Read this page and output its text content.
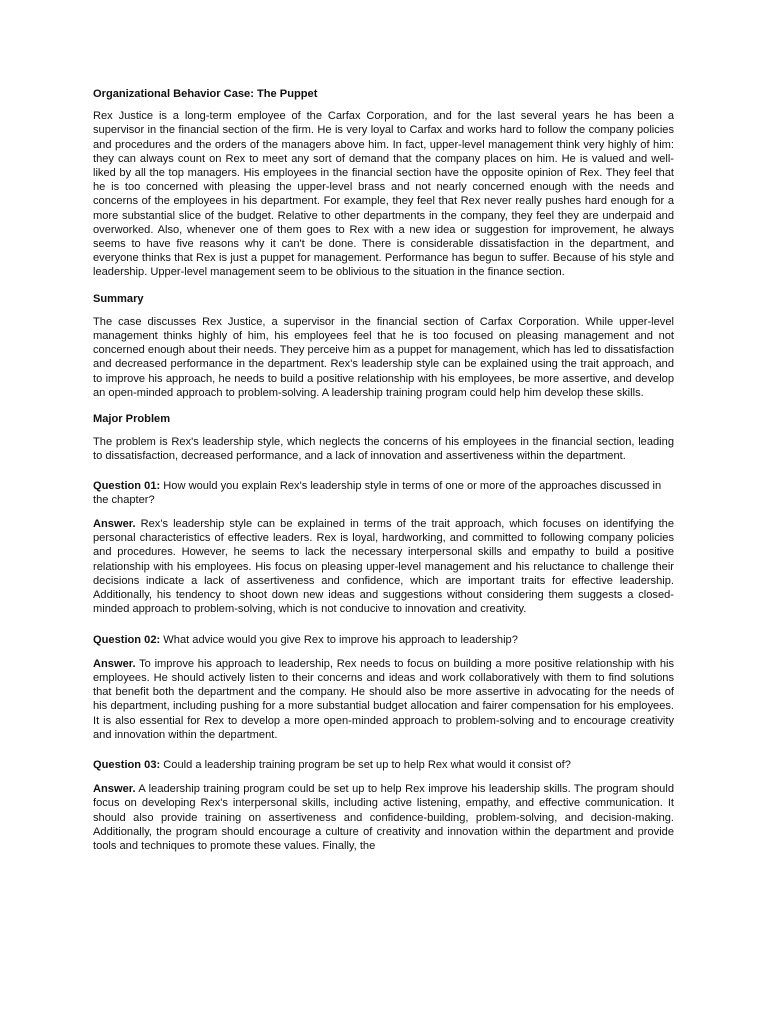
Organizational Behavior Case: The Puppet
Rex Justice is a long-term employee of the Carfax Corporation, and for the last several years he has been a supervisor in the financial section of the firm. He is very loyal to Carfax and works hard to follow the company policies and procedures and the orders of the managers above him. In fact, upper-level management think very highly of him: they can always count on Rex to meet any sort of demand that the company places on him. He is valued and well-liked by all the top managers. His employees in the financial section have the opposite opinion of Rex. They feel that he is too concerned with pleasing the upper-level brass and not nearly concerned enough with the needs and concerns of the employees in his department. For example, they feel that Rex never really pushes hard enough for a more substantial slice of the budget. Relative to other departments in the company, they feel they are underpaid and overworked. Also, whenever one of them goes to Rex with a new idea or suggestion for improvement, he always seems to have five reasons why it can't be done. There is considerable dissatisfaction in the department, and everyone thinks that Rex is just a puppet for management. Performance has begun to suffer. Because of his style and leadership. Upper-level management seem to be oblivious to the situation in the finance section.
Summary
The case discusses Rex Justice, a supervisor in the financial section of Carfax Corporation. While upper-level management thinks highly of him, his employees feel that he is too focused on pleasing management and not concerned enough about their needs. They perceive him as a puppet for management, which has led to dissatisfaction and decreased performance in the department. Rex's leadership style can be explained using the trait approach, and to improve his approach, he needs to build a positive relationship with his employees, be more assertive, and develop an open-minded approach to problem-solving. A leadership training program could help him develop these skills.
Major Problem
The problem is Rex's leadership style, which neglects the concerns of his employees in the financial section, leading to dissatisfaction, decreased performance, and a lack of innovation and assertiveness within the department.
Question 01: How would you explain Rex's leadership style in terms of one or more of the approaches discussed in the chapter?
Answer. Rex's leadership style can be explained in terms of the trait approach, which focuses on identifying the personal characteristics of effective leaders. Rex is loyal, hardworking, and committed to following company policies and procedures. However, he seems to lack the necessary interpersonal skills and empathy to build a positive relationship with his employees. His focus on pleasing upper-level management and his reluctance to challenge their decisions indicate a lack of assertiveness and confidence, which are important traits for effective leadership. Additionally, his tendency to shoot down new ideas and suggestions without considering them suggests a closed-minded approach to problem-solving, which is not conducive to innovation and creativity.
Question 02: What advice would you give Rex to improve his approach to leadership?
Answer. To improve his approach to leadership, Rex needs to focus on building a more positive relationship with his employees. He should actively listen to their concerns and ideas and work collaboratively with them to find solutions that benefit both the department and the company. He should also be more assertive in advocating for the needs of his department, including pushing for a more substantial budget allocation and fairer compensation for his employees. It is also essential for Rex to develop a more open-minded approach to problem-solving and to encourage creativity and innovation within the department.
Question 03: Could a leadership training program be set up to help Rex what would it consist of?
Answer. A leadership training program could be set up to help Rex improve his leadership skills. The program should focus on developing Rex's interpersonal skills, including active listening, empathy, and effective communication. It should also provide training on assertiveness and confidence-building, problem-solving, and decision-making. Additionally, the program should encourage a culture of creativity and innovation within the department and provide tools and techniques to promote these values. Finally, the
